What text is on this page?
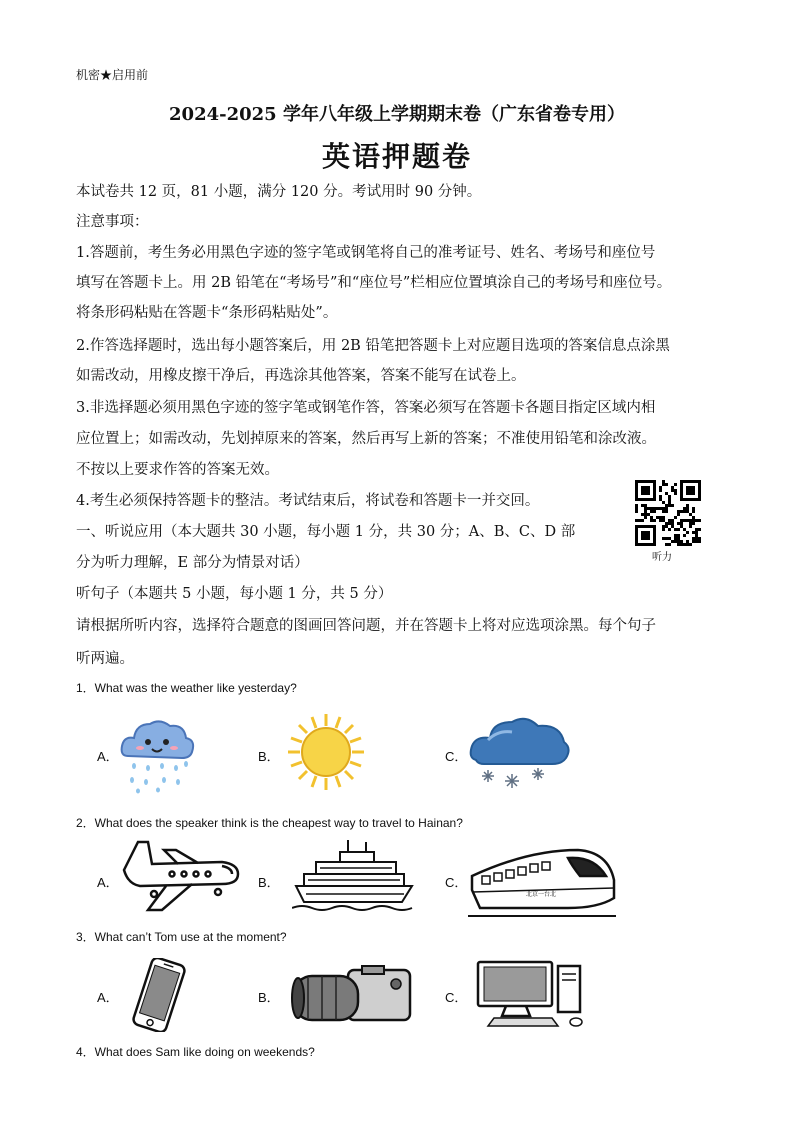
机密★启用前
2024-2025 学年八年级上学期期末卷（广东省卷专用）
英语押题卷
本试卷共 12 页，81 小题，满分 120 分。考试用时 90 分钟。
注意事项：
1.答题前，考生务必用黑色字迹的签字笔或钢笔将自己的准考证号、姓名、考场号和座位号
填写在答题卡上。用 2B 铅笔在“考场号”和“座位号”栏相应位置填涂自己的考场号和座位号。
将条形码粘贴在答题卡“条形码粘贴处”。
2.作答选择题时，选出每小题答案后，用 2B 铅笔把答题卡上对应题目选项的答案信息点涂黑
如需改动，用橡皮擦干净后，再选涂其他答案，答案不能写在试卷上。
3.非选择题必须用黑色字迹的签字笔或钢笔作答，答案必须写在答题卡各题目指定区域内相
应位置上；如需改动，先划掉原来的答案，然后再写上新的答案；不准使用铅笔和涂改液。
不按以上要求作答的答案无效。
4.考生必须保持答题卡的整洁。考试结束后，将试卷和答题卡一并交回。
一、听说应用（本大题共 30 小题，每小题 1 分，共 30 分；A、B、C、D 部
分为听力理解，E 部分为情景对话）
听句子（本题共 5 小题，每小题 1 分，共 5 分）
请根据所听内容，选择符合题意的图画回答问题，并在答题卡上将对应选项涂黑。每个句子
听两遍。
听力
1．What was the weather like yesterday?
A．	B．	C．
2．What does the speaker think is the cheapest way to travel to Hainan?
A．	B．	C．
北京一台北
3．What can’t Tom use at the moment?
A．	B．	C．
4．What does Sam like doing on weekends?
